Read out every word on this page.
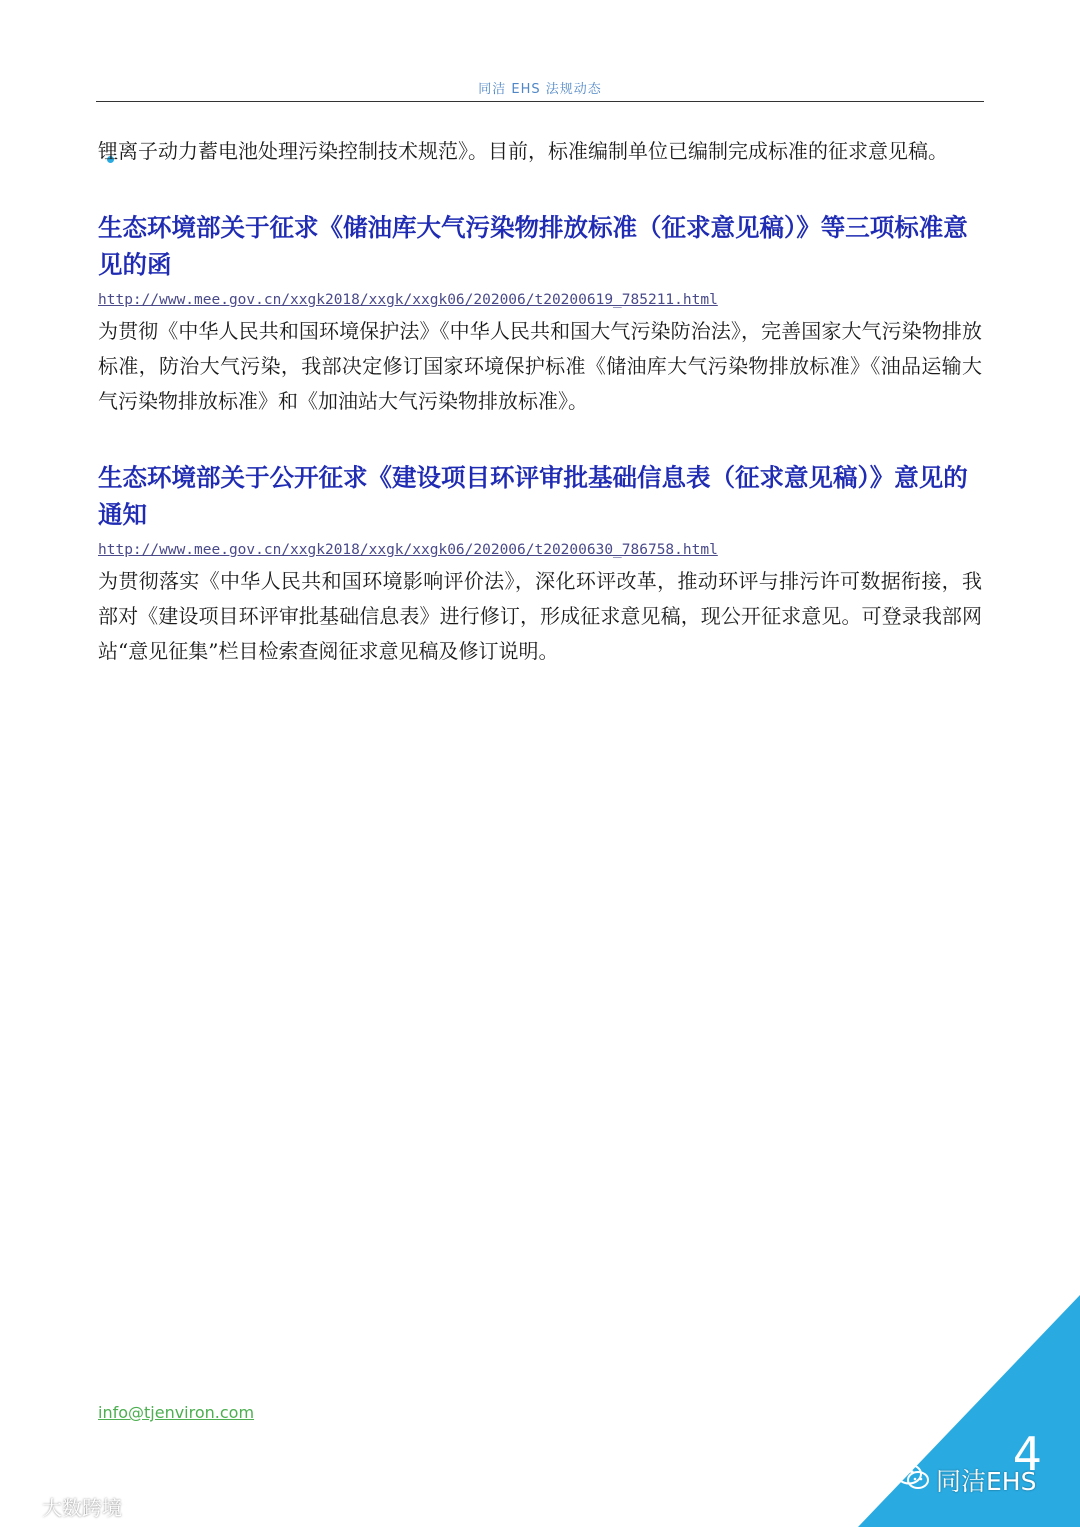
同洁 EHS 法规动态

锂离子动力蓄电池处理污染控制技术规范》。目前，标准编制单位已编制完成标准的征求意见稿。

生态环境部关于征求《储油库大气污染物排放标准（征求意见稿）》等三项标准意见的函
http://www.mee.gov.cn/xxgk2018/xxgk/xxgk06/202006/t20200619_785211.html

为贯彻《中华人民共和国环境保护法》《中华人民共和国大气污染防治法》，完善国家大气污染物排放标准，防治大气污染，我部决定修订国家环境保护标准《储油库大气污染物排放标准》《油品运输大气污染物排放标准》和《加油站大气污染物排放标准》。

生态环境部关于公开征求《建设项目环评审批基础信息表（征求意见稿）》意见的通知
http://www.mee.gov.cn/xxgk2018/xxgk/xxgk06/202006/t20200630_786758.html

为贯彻落实《中华人民共和国环境影响评价法》，深化环评改革，推动环评与排污许可数据衔接，我部对《建设项目环评审批基础信息表》进行修订，形成征求意见稿，现公开征求意见。可登录我部网站“意见征集”栏目检索查阅征求意见稿及修订说明。

info@tjenviron.com
4
同洁EHS
大数跨境
